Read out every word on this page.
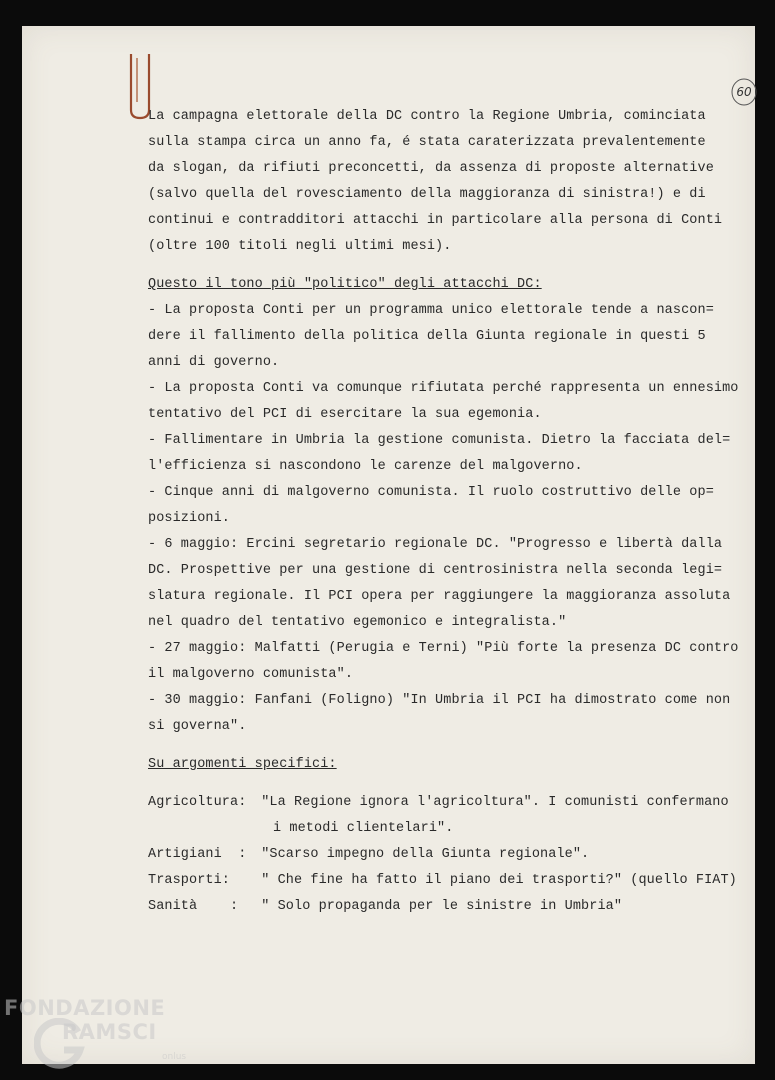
60

La campagna elettorale della DC contro la Regione Umbria, cominciata

sulla stampa circa un anno fa, é stata caraterizzata prevalentemente

da slogan, da rifiuti preconcetti, da assenza di proposte alternative

(salvo quella del rovesciamento della maggioranza di sinistra!) e di

continui e contradditori attacchi in particolare alla persona di Conti

(oltre 100 titoli negli ultimi mesi).

Questo il tono più "politico" degli attacchi DC:

- La proposta Conti per un programma unico elettorale tende a nascon=

dere il fallimento della politica della Giunta regionale in questi 5

anni di governo.

- La proposta Conti va comunque rifiutata perché rappresenta un ennesimo

tentativo del PCI di esercitare la sua egemonia.

- Fallimentare in Umbria la gestione comunista. Dietro la facciata del=

l'efficienza si nascondono le carenze del malgoverno.

- Cinque anni di malgoverno comunista. Il ruolo costruttivo delle op=

posizioni.

- 6 maggio: Ercini segretario regionale DC. "Progresso e libertà dalla

DC. Prospettive per una gestione di centrosinistra nella seconda legi=

slatura regionale. Il PCI opera per raggiungere la maggioranza assoluta

nel quadro del tentativo egemonico e integralista."

- 27 maggio: Malfatti (Perugia e Terni) "Più forte la presenza DC contro

il malgoverno comunista".

- 30 maggio: Fanfani (Foligno) "In Umbria il PCI ha dimostrato come non

si governa".

Su argomenti specifici:

Agricoltura: "La Regione ignora l'agricoltura". I comunisti confermano
i metodi clientelari".
Artigiani  : "Scarso impegno della Giunta regionale".
Trasporti:	" Che fine ha fatto il piano dei trasporti?" (quello FIAT)
Sanità    :	" Solo propaganda per le sinistre in Umbria"
FONDAZIONE
RAMSCI
onlus
